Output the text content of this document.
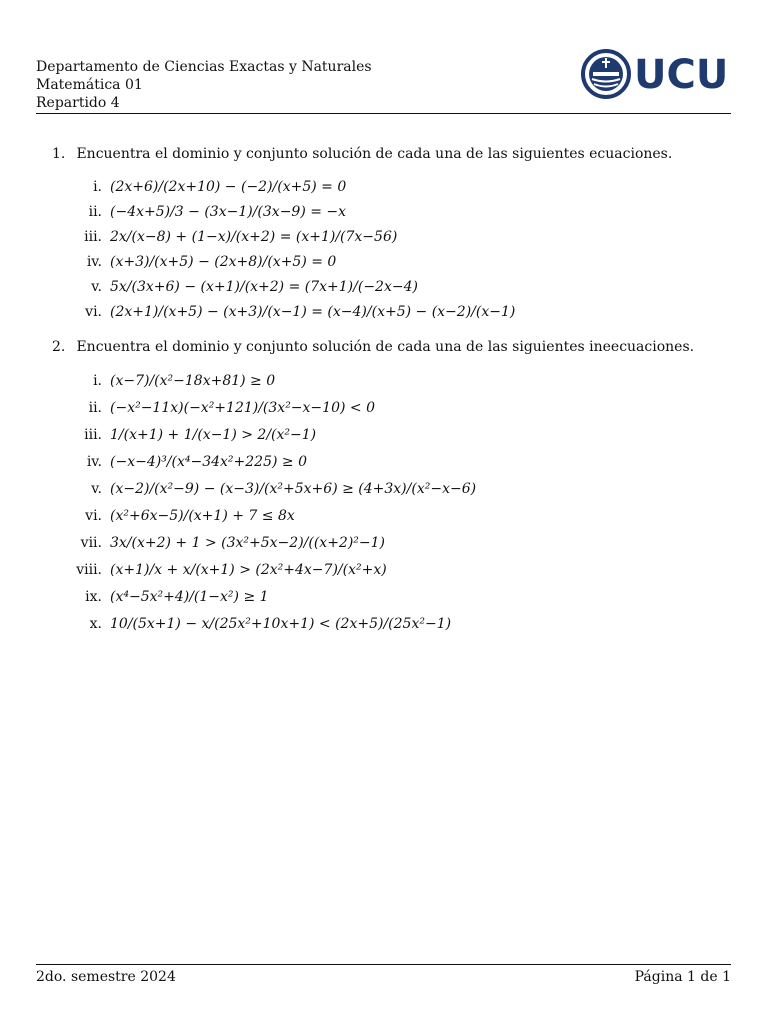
Departamento de Ciencias Exactas y Naturales
Matemática 01
Repartido 4
UCU
1. Encuentra el dominio y conjunto solución de cada una de las siguientes ecuaciones.
i. (2x+6)/(2x+10) − (−2)/(x+5) = 0
ii. (−4x+5)/3 − (3x−1)/(3x−9) = −x
iii. 2x/(x−8) + (1−x)/(x+2) = (x+1)/(7x−56)
iv. (x+3)/(x+5) − (2x+8)/(x+5) = 0
v. 5x/(3x+6) − (x+1)/(x+2) = (7x+1)/(−2x−4)
vi. (2x+1)/(x+5) − (x+3)/(x−1) = (x−4)/(x+5) − (x−2)/(x−1)
2. Encuentra el dominio y conjunto solución de cada una de las siguientes ineecuaciones.
i. (x−7)/(x²−18x+81) ≥ 0
ii. (−x²−11x)(−x²+121)/(3x²−x−10) < 0
iii. 1/(x+1) + 1/(x−1) > 2/(x²−1)
iv. (−x−4)³/(x⁴−34x²+225) ≥ 0
v. (x−2)/(x²−9) − (x−3)/(x²+5x+6) ≥ (4+3x)/(x²−x−6)
vi. (x²+6x−5)/(x+1) + 7 ≤ 8x
vii. 3x/(x+2) + 1 > (3x²+5x−2)/((x+2)²−1)
viii. (x+1)/x + x/(x+1) > (2x²+4x−7)/(x²+x)
ix. (x⁴−5x²+4)/(1−x²) ≥ 1
x. 10/(5x+1) − x/(25x²+10x+1) < (2x+5)/(25x²−1)
2do. semestre 2024	Página 1 de 1
